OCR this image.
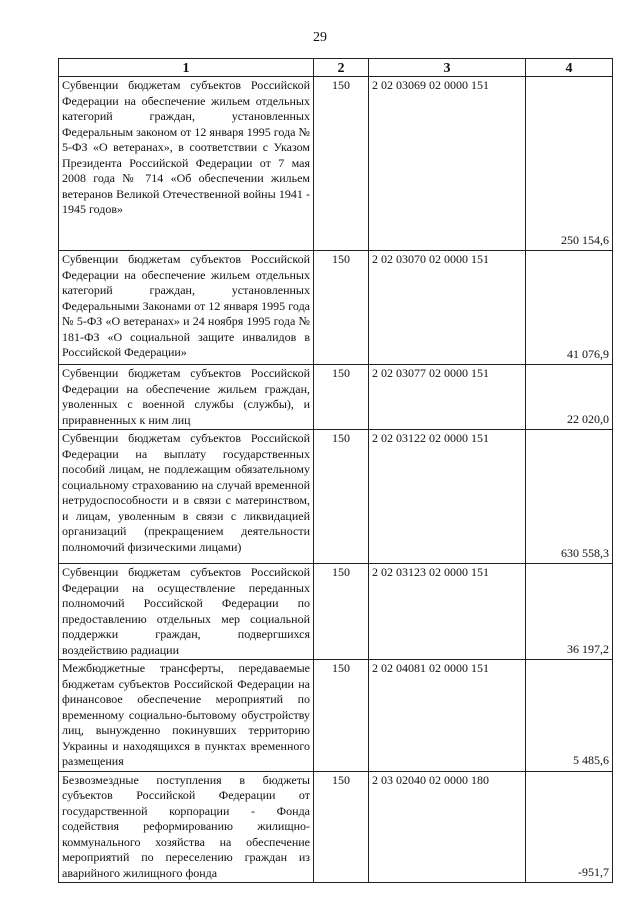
29
1	2	3	4
Субвенции бюджетам субъектов Российской Федерации на обеспечение жильем отдельных категорий граждан, установленных Федеральным законом от 12 января 1995 года № 5-ФЗ «О ветеранах», в соответствии с Указом Президента Российской Федерации от 7 мая 2008 года № 714 «Об обеспечении жильем ветеранов Великой Отечественной войны 1941 - 1945 годов»	150	2 02 03069 02 0000 151	250 154,6
Субвенции бюджетам субъектов Российской Федерации на обеспечение жильем отдельных категорий граждан, установленных Федеральными Законами от 12 января 1995 года № 5-ФЗ «О ветеранах» и 24 ноября 1995 года № 181-ФЗ «О социальной защите инвалидов в Российской Федерации»	150	2 02 03070 02 0000 151	41 076,9
Субвенции бюджетам субъектов Российской Федерации на обеспечение жильем граждан, уволенных с военной службы (службы), и приравненных к ним лиц	150	2 02 03077 02 0000 151	22 020,0
Субвенции бюджетам субъектов Российской Федерации на выплату государственных пособий лицам, не подлежащим обязательному социальному страхованию на случай временной нетрудоспособности и в связи с материнством, и лицам, уволенным в связи с ликвидацией организаций (прекращением деятельности полномочий физическими лицами)	150	2 02 03122 02 0000 151	630 558,3
Субвенции бюджетам субъектов Российской Федерации на осуществление переданных полномочий Российской Федерации по предоставлению отдельных мер социальной поддержки граждан, подвергшихся воздействию радиации	150	2 02 03123 02 0000 151	36 197,2
Межбюджетные трансферты, передаваемые бюджетам субъектов Российской Федерации на финансовое обеспечение мероприятий по временному социально-бытовому обустройству лиц, вынужденно покинувших территорию Украины и находящихся в пунктах временного размещения	150	2 02 04081 02 0000 151	5 485,6
Безвозмездные поступления в бюджеты субъектов Российской Федерации от государственной корпорации - Фонда содействия реформированию жилищно-коммунального хозяйства на обеспечение мероприятий по переселению граждан из аварийного жилищного фонда	150	2 03 02040 02 0000 180	-951,7
